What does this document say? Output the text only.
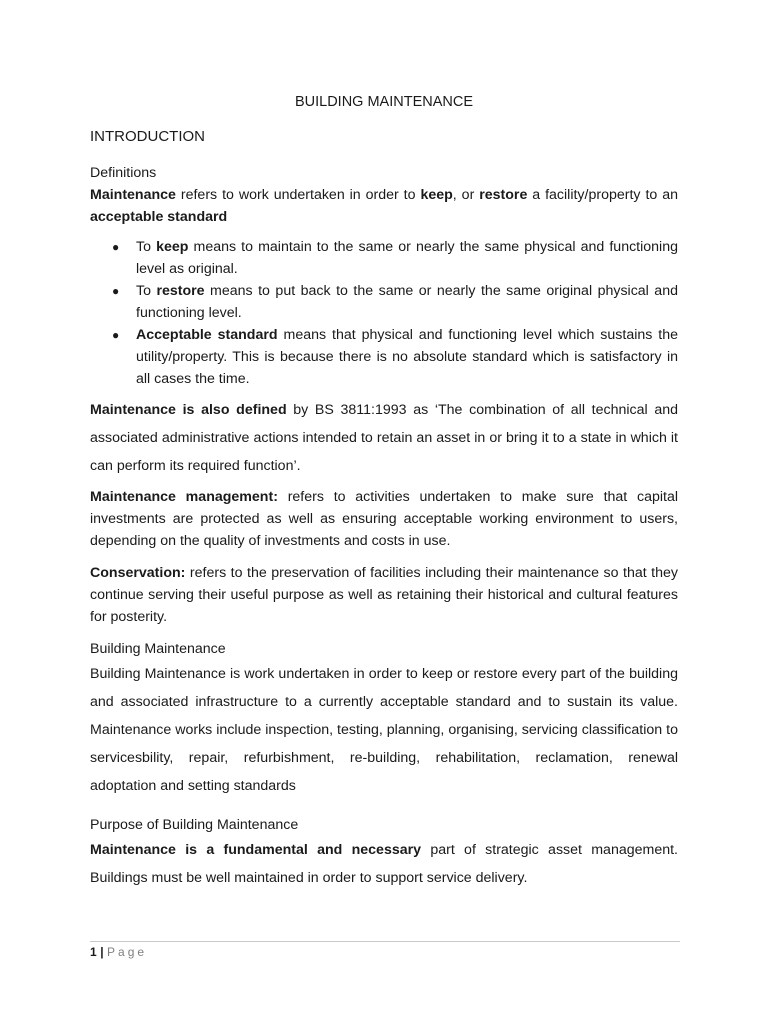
BUILDING MAINTENANCE
INTRODUCTION
Definitions

Maintenance refers to work undertaken in order to keep, or restore a facility/property to an acceptable standard

● To keep means to maintain to the same or nearly the same physical and functioning level as original.
● To restore means to put back to the same or nearly the same original physical and functioning level.
● Acceptable standard means that physical and functioning level which sustains the utility/property. This is because there is no absolute standard which is satisfactory in all cases the time.

Maintenance is also defined by BS 3811:1993 as ‘The combination of all technical and associated administrative actions intended to retain an asset in or bring it to a state in which it can perform its required function’.

Maintenance management: refers to activities undertaken to make sure that capital investments are protected as well as ensuring acceptable working environment to users, depending on the quality of investments and costs in use.

Conservation: refers to the preservation of facilities including their maintenance so that they continue serving their useful purpose as well as retaining their historical and cultural features for posterity.

Building Maintenance

Building Maintenance is work undertaken in order to keep or restore every part of the building and associated infrastructure to a currently acceptable standard and to sustain its value. Maintenance works include inspection, testing, planning, organising, servicing classification to servicesbility, repair, refurbishment, re-building, rehabilitation, reclamation, renewal adoptation and setting standards

Purpose of Building Maintenance

Maintenance is a fundamental and necessary part of strategic asset management. Buildings must be well maintained in order to support service delivery.

1 | Page
